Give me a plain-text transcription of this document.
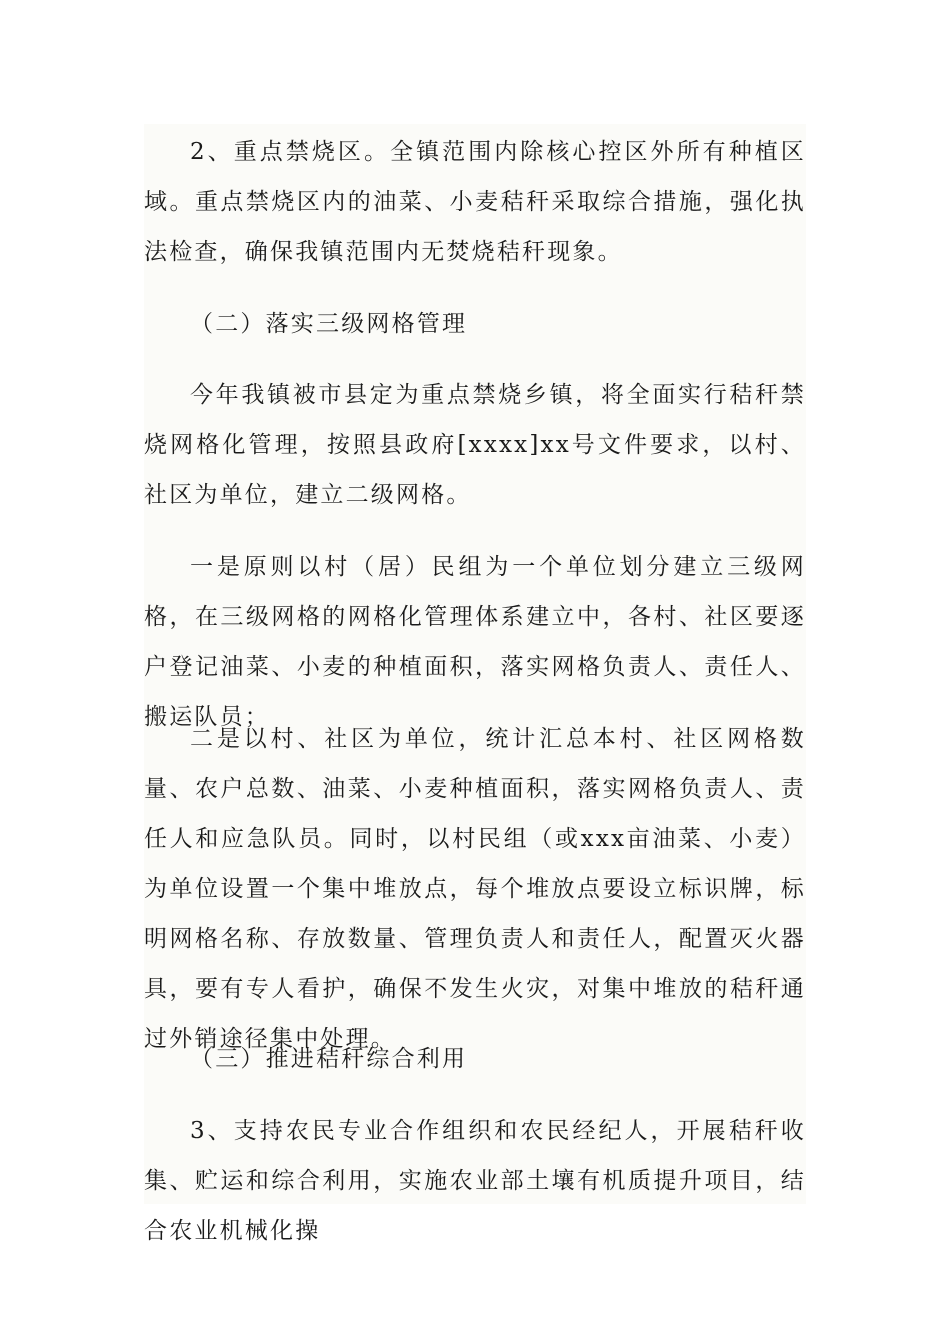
2、重点禁烧区。全镇范围内除核心控区外所有种植区域。重点禁烧区内的油菜、小麦秸秆采取综合措施，强化执法检查，确保我镇范围内无焚烧秸秆现象。

（二）落实三级网格管理

今年我镇被市县定为重点禁烧乡镇，将全面实行秸秆禁烧网格化管理，按照县政府[xxxx]xx号文件要求，以村、社区为单位，建立二级网格。

一是原则以村（居）民组为一个单位划分建立三级网格，在三级网格的网格化管理体系建立中，各村、社区要逐户登记油菜、小麦的种植面积，落实网格负责人、责任人、搬运队员；

二是以村、社区为单位，统计汇总本村、社区网格数量、农户总数、油菜、小麦种植面积，落实网格负责人、责任人和应急队员。同时，以村民组（或xxx亩油菜、小麦）为单位设置一个集中堆放点，每个堆放点要设立标识牌，标明网格名称、存放数量、管理负责人和责任人，配置灭火器具，要有专人看护，确保不发生火灾，对集中堆放的秸秆通过外销途径集中处理。

（三）推进秸秆综合利用

3、支持农民专业合作组织和农民经纪人，开展秸秆收集、贮运和综合利用，实施农业部土壤有机质提升项目，结合农业机械化操
